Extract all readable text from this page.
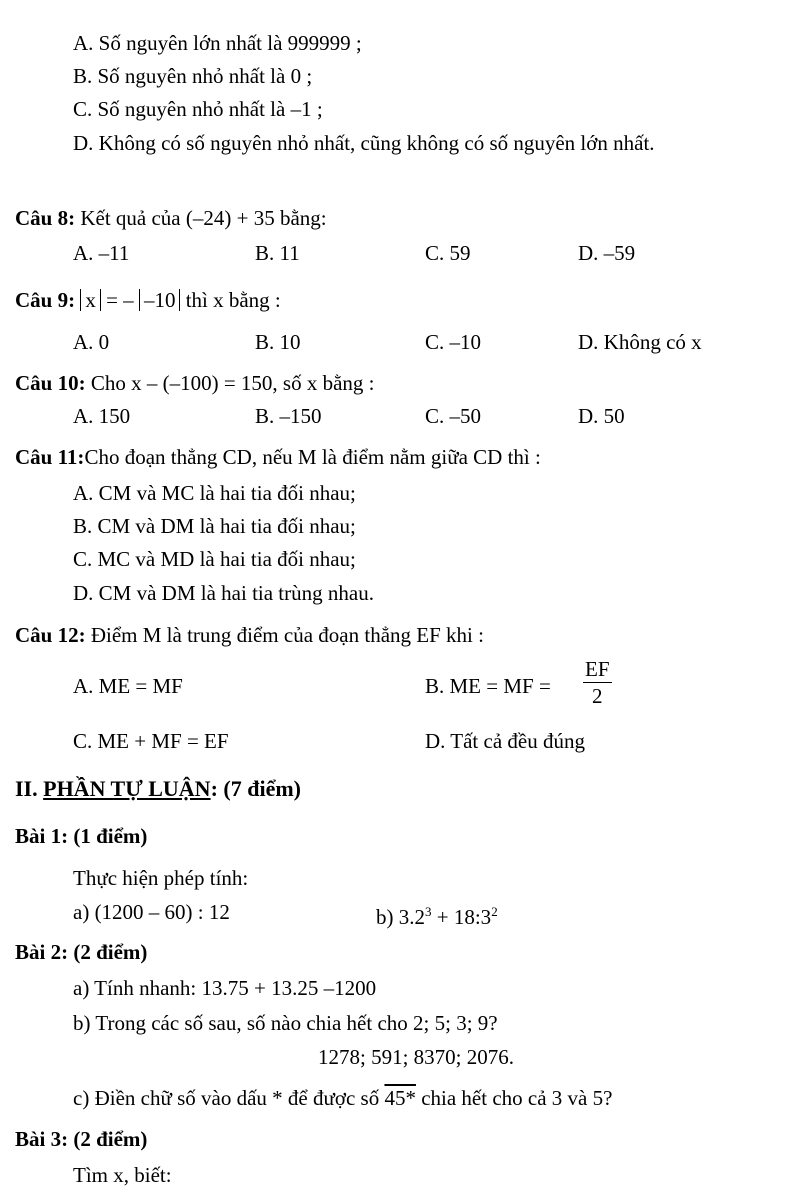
A. Số nguyên lớn nhất là 999999 ;
B. Số nguyên nhỏ nhất là 0 ;
C. Số nguyên nhỏ nhất là –1 ;
D. Không có số nguyên nhỏ nhất, cũng không có số nguyên lớn nhất.
Câu 8: Kết quả của (–24) + 35 bằng:
A. –11	B. 11	C. 59	D. –59
Câu 9: x = – –10 thì x bằng :
A. 0	B. 10	C. –10	D. Không có x
Câu 10: Cho x – (–100) = 150, số x bằng :
A. 150	B. –150	C. –50	D. 50
Câu 11:Cho đoạn thẳng CD, nếu M là điểm nằm giữa CD thì :
A. CM và MC là hai tia đối nhau;
B. CM và DM là hai tia đối nhau;
C. MC và MD là hai tia đối nhau;
D. CM và DM là hai tia trùng nhau.
Câu 12: Điểm M là trung điểm của đoạn thẳng EF khi :
A. ME = MF	B. ME = MF = $\frac{EF}{2}$
C. ME + MF = EF	D. Tất cả đều đúng
II. PHẦN TỰ LUẬN: (7 điểm)
Bài 1: (1 điểm)
Thực hiện phép tính:
a) (1200 – 60) : 12	b) $3.2^3$ + $18:3^2$
Bài 2: (2 điểm)
a) Tính nhanh: 13.75 + 13.25 –1200
b) Trong các số sau, số nào chia hết cho 2; 5; 3; 9?
1278; 591; 8370; 2076.
c) Điền chữ số vào dấu * để được số 45* chia hết cho cả 3 và 5?
Bài 3: (2 điểm)
Tìm x, biết:
